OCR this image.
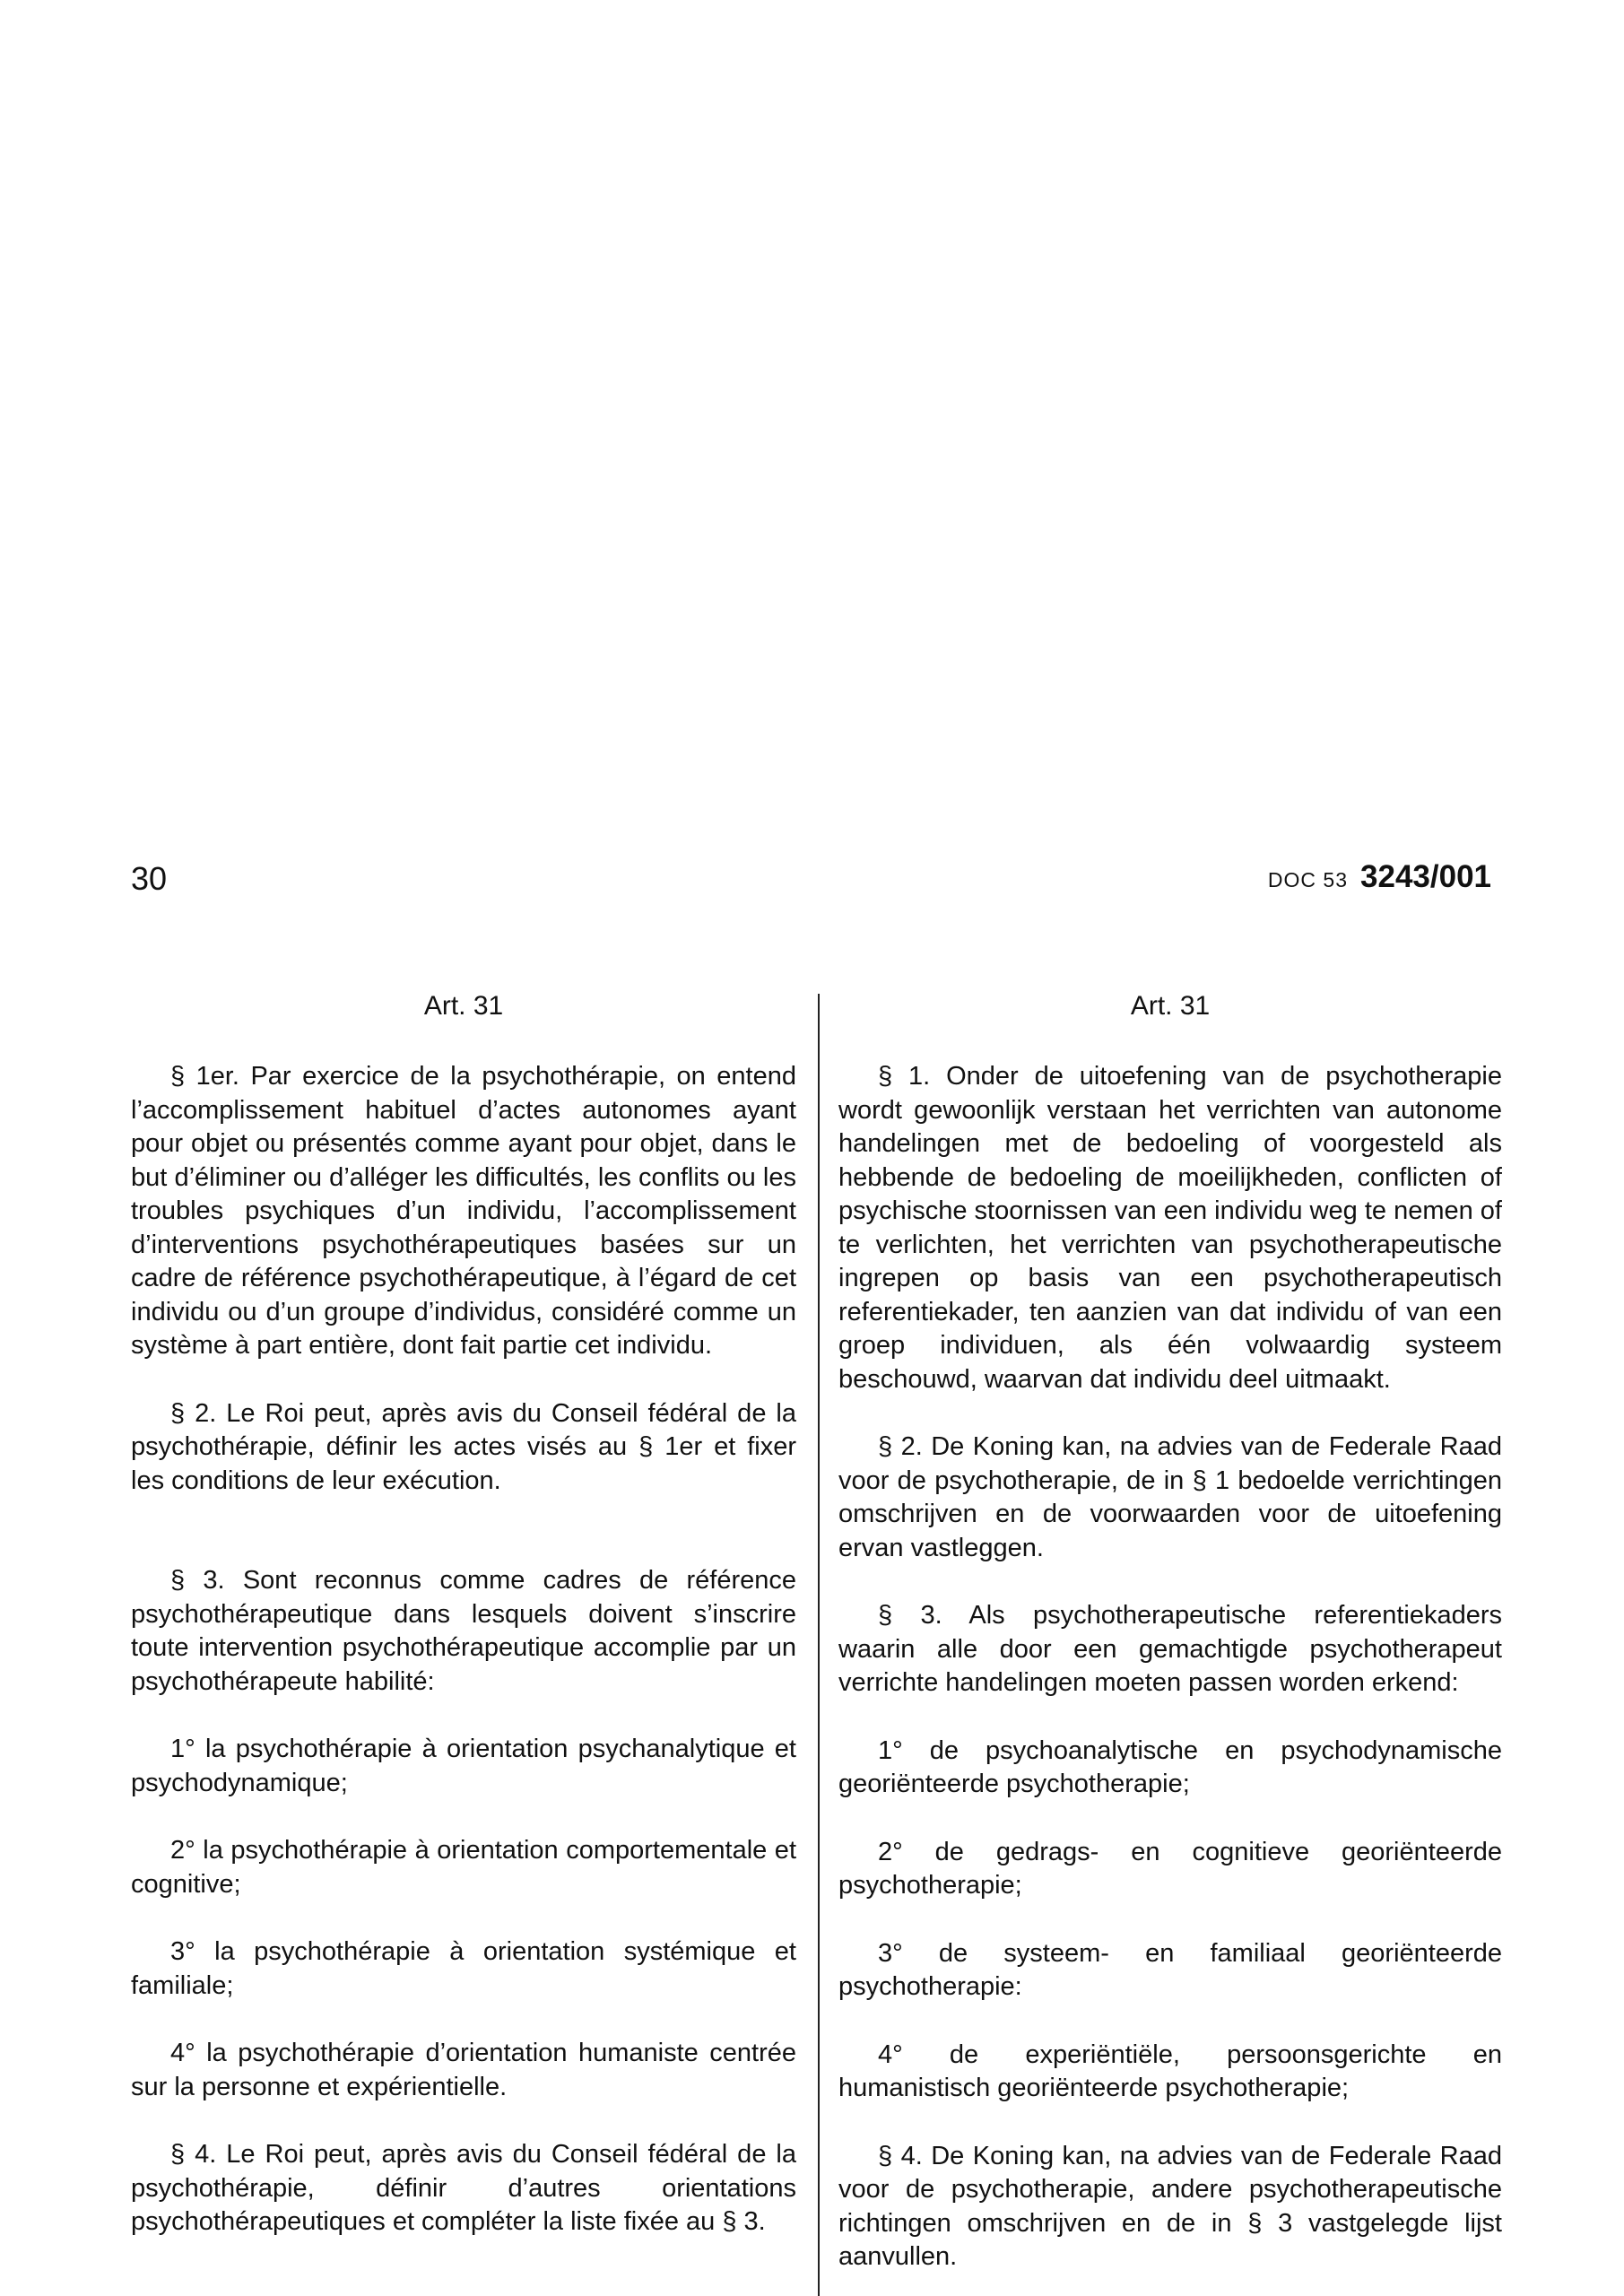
30	DOC 53 3243/001
Art. 31

§ 1er. Par exercice de la psychothérapie, on entend l’accomplissement habituel d’actes autonomes ayant pour objet ou présentés comme ayant pour objet, dans le but d’éliminer ou d’alléger les difficultés, les conflits ou les troubles psychiques d’un individu, l’accomplissement d’interventions psychothérapeutiques basées sur un cadre de référence psychothérapeutique, à l’égard de cet individu ou d’un groupe d’individus, considéré comme un système à part entière, dont fait partie cet individu.

§ 2. Le Roi peut, après avis du Conseil fédéral de la psychothérapie, définir les actes visés au § 1er et fixer les conditions de leur exécution.

§ 3. Sont reconnus comme cadres de référence psychothérapeutique dans lesquels doivent s’inscrire toute intervention psychothérapeutique accomplie par un psychothérapeute habilité:

1° la psychothérapie à orientation psychanalytique et psychodynamique;

2° la psychothérapie à orientation comportementale et cognitive;

3° la psychothérapie à orientation systémique et familiale;

4° la psychothérapie d’orientation humaniste centrée sur la personne et expérientielle.

§ 4. Le Roi peut, après avis du Conseil fédéral de la psychothérapie, définir d’autres orientations psychothérapeutiques et compléter la liste fixée au § 3.

Art. 31

§ 1. Onder de uitoefening van de psychotherapie wordt gewoonlijk verstaan het verrichten van autonome handelingen met de bedoeling of voorgesteld als hebbende de bedoeling de moeilijkheden, conflicten of psychische stoornissen van een individu weg te nemen of te verlichten, het verrichten van psychotherapeutische ingrepen op basis van een psychotherapeutisch referentiekader, ten aanzien van dat individu of van een groep individuen, als één volwaardig systeem beschouwd, waarvan dat individu deel uitmaakt.

§ 2. De Koning kan, na advies van de Federale Raad voor de psychotherapie, de in § 1 bedoelde verrichtingen omschrijven en de voorwaarden voor de uitoefening ervan vastleggen.

§ 3. Als psychotherapeutische referentiekaders waarin alle door een gemachtigde psychotherapeut verrichte handelingen moeten passen worden erkend:

1° de psychoanalytische en psychodynamische georiënteerde psychotherapie;

2° de gedrags- en cognitieve georiënteerde psychotherapie;

3° de systeem- en familiaal georiënteerde psychotherapie:

4° de experiëntiële, persoonsgerichte en humanistisch georiënteerde psychotherapie;

§ 4. De Koning kan, na advies van de Federale Raad voor de psychotherapie, andere psychotherapeutische richtingen omschrijven en de in § 3 vastgelegde lijst aanvullen.
